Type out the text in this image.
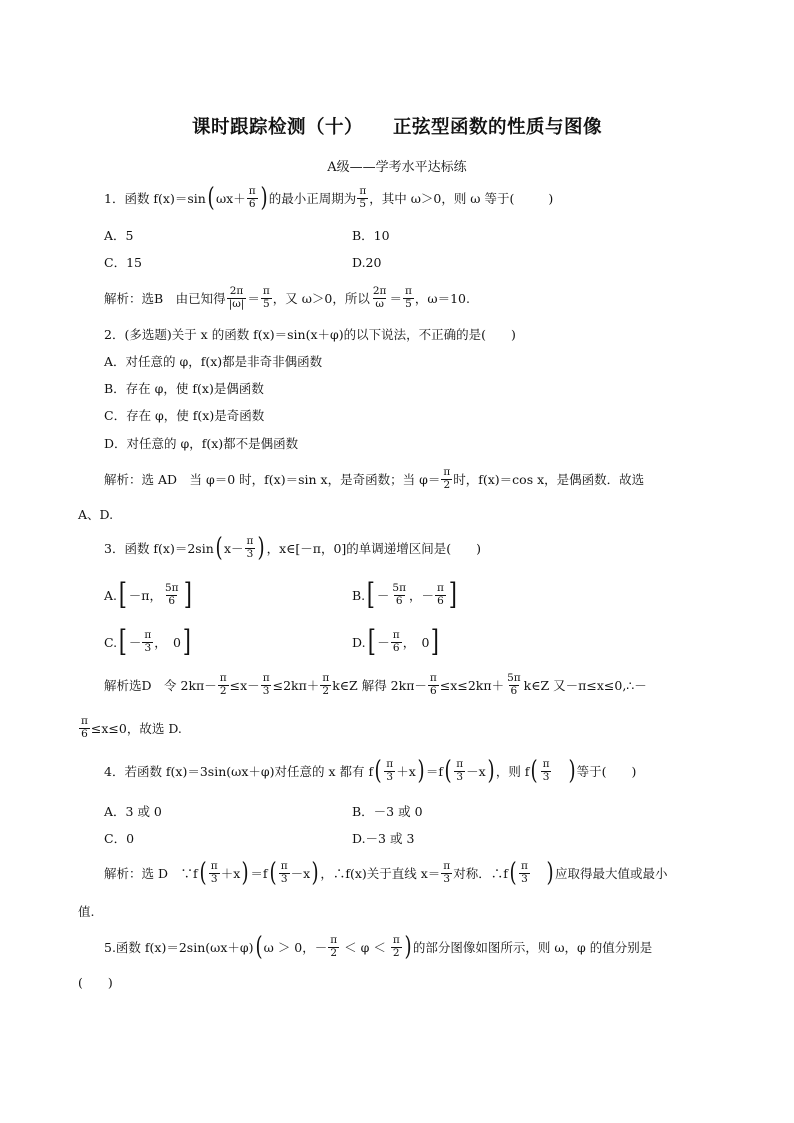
课时跟踪检测（十） 正弦型函数的性质与图像
A级——学考水平达标练
1．函数 f(x)＝sin ( $\omega x+ \frac{\pi}{6}$ ) 的最小正周期为 $\frac{\pi}{5}$ ，其中 ω＞0，则 ω 等于(	)
A．5	B．10
C．15	D.20
解析：选B　由已知得 $\frac{2\pi}{|\omega|} = \frac{\pi}{5}$ ，又 ω＞0，所以 $\frac{2\pi}{\omega} = \frac{\pi}{5}$ ，ω＝10.
2．(多选题)关于 x 的函数 f(x)＝sin(x＋φ)的以下说法，不正确的是(　　)
A．对任意的 φ，f(x)都是非奇非偶函数
B．存在 φ，使 f(x)是偶函数
C．存在 φ，使 f(x)是奇函数
D．对任意的 φ，f(x)都不是偶函数
解析：选 AD　当 φ＝0 时，f(x)＝sin x，是奇函数；当 $\varphi= \frac{\pi}{2}$ 时，f(x)＝cos x，是偶函数．故选
A、D.
3．函数 f(x)＝2sin ( $x- \frac{\pi}{3}$ ) ，x∈[－π，0]的单调递增区间是(　　)
A. [ －π， $\frac{5\pi}{6}$ ]	B. [ － $\frac{5\pi}{6}$ ，－ $\frac{\pi}{6}$ ]
C. [ － $\frac{\pi}{3}$ ，　0 ]	D. [ － $\frac{\pi}{6}$ ，　0 ]
解析选D　令 $2k\pi- \frac{\pi}{2} \le x- \frac{\pi}{3} \le 2k\pi+ \frac{\pi}{2}$ k∈Z 解得 $2k\pi- \frac{\pi}{6} \le x\le 2k\pi+ \frac{5\pi}{6}$ k∈Z 又－π≤x≤0,∴－
$\frac{\pi}{6} \le x\le 0$，故选 D.
4．若函数 f(x)＝3sin(ωx＋φ)对任意的 x 都有 f ( $\frac{\pi}{3} +x$ ) ＝f ( $\frac{\pi}{3} -x$ ) ，则 f ( $\frac{\pi}{3}$ ) 等于(　　)
A．3 或 0	B．－3 或 0
C．0	D.－3 或 3
解析：选 D　∵f ( $\frac{\pi}{3} +x$ ) ＝f ( $\frac{\pi}{3} -x$ ) ，∴f(x)关于直线 $x= \frac{\pi}{3}$ 对称．∴f ( $\frac{\pi}{3}$ ) 应取得最大值或最小
值.
5.函数 f(x)＝2sin(ωx＋φ) ( ω ＞ 0，－ $\frac{\pi}{2} < \varphi < \frac{\pi}{2}$ ) 的部分图像如图所示，则 ω，φ 的值分别是
(　　)
